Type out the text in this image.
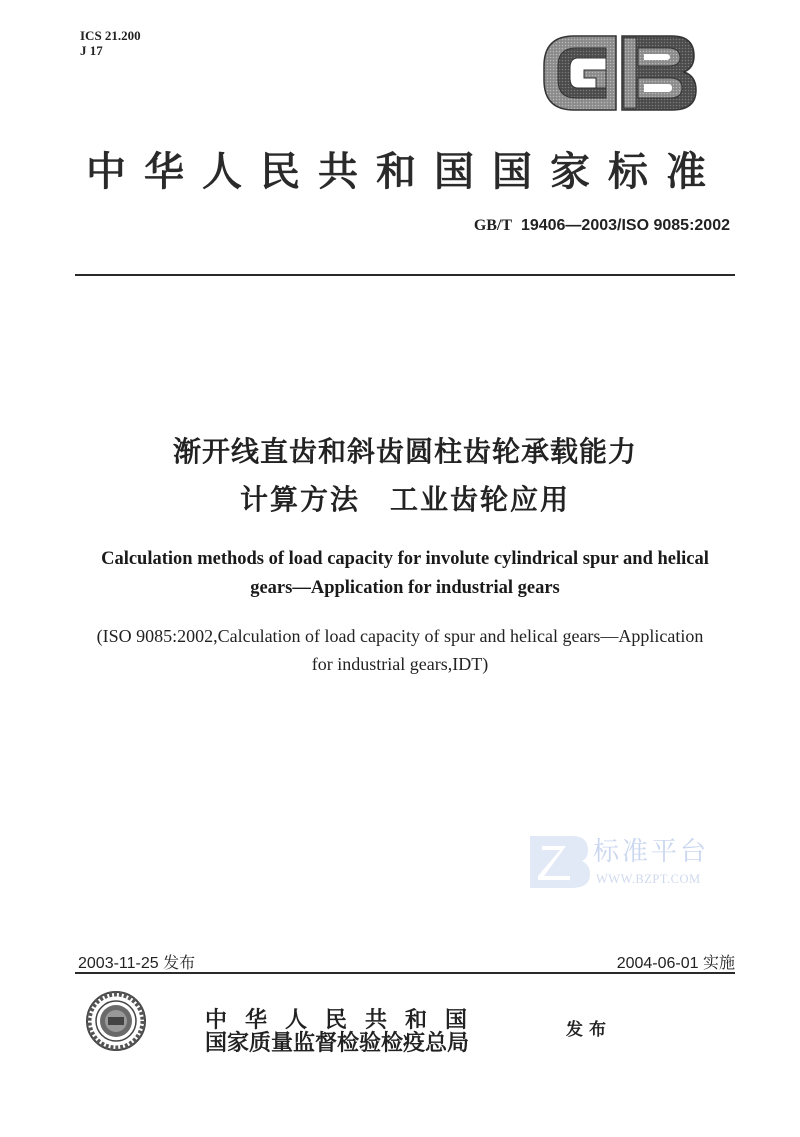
ICS 21.200
J 17
中华人民共和国国家标准
GB/T 19406—2003/ISO 9085:2002
渐开线直齿和斜齿圆柱齿轮承载能力
计算方法　工业齿轮应用
Calculation methods of load capacity for involute cylindrical spur and helical gears—Application for industrial gears
(ISO 9085:2002,Calculation of load capacity of spur and helical gears—Application for industrial gears,IDT)
标准平台
WWW.BZPT.COM
2003-11-25 发布	2004-06-01 实施
中华人民共和国
国家质量监督检验检疫总局	发布
